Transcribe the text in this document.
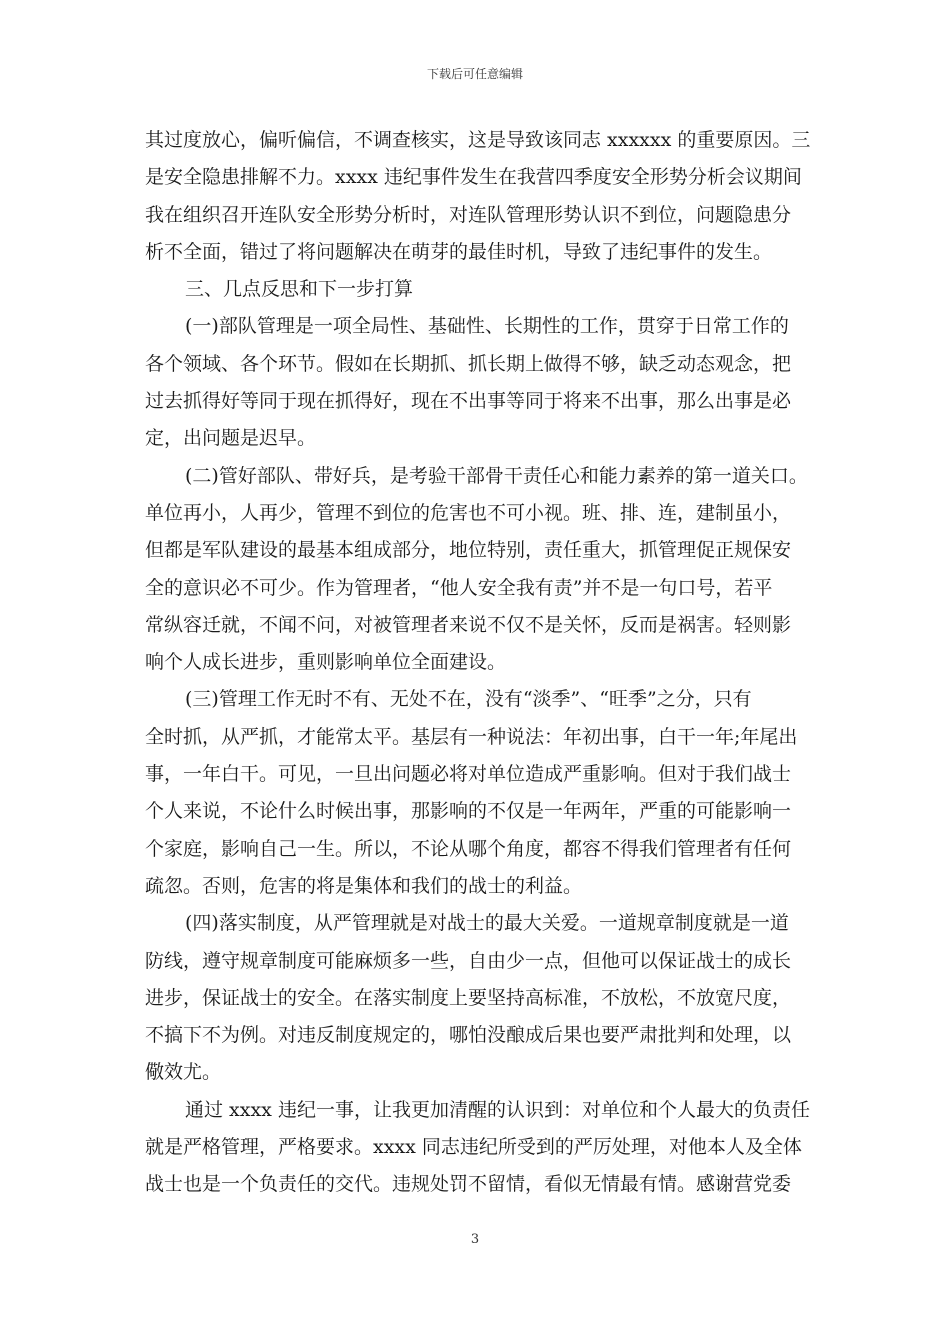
下载后可任意编辑
其过度放心，偏听偏信，不调查核实，这是导致该同志 xxxxxx 的重要原因。三
是安全隐患排解不力。xxxx 违纪事件发生在我营四季度安全形势分析会议期间
我在组织召开连队安全形势分析时，对连队管理形势认识不到位，问题隐患分
析不全面，错过了将问题解决在萌芽的最佳时机，导致了违纪事件的发生。
三、几点反思和下一步打算
(一)部队管理是一项全局性、基础性、长期性的工作，贯穿于日常工作的
各个领域、各个环节。假如在长期抓、抓长期上做得不够，缺乏动态观念，把
过去抓得好等同于现在抓得好，现在不出事等同于将来不出事，那么出事是必
定，出问题是迟早。
(二)管好部队、带好兵，是考验干部骨干责任心和能力素养的第一道关口。
单位再小，人再少，管理不到位的危害也不可小视。班、排、连，建制虽小，
但都是军队建设的最基本组成部分，地位特别，责任重大，抓管理促正规保安
全的意识必不可少。作为管理者，“他人安全我有责”并不是一句口号，若平
常纵容迁就，不闻不问，对被管理者来说不仅不是关怀，反而是祸害。轻则影
响个人成长进步，重则影响单位全面建设。
(三)管理工作无时不有、无处不在，没有“淡季”、“旺季”之分，只有
全时抓，从严抓，才能常太平。基层有一种说法：年初出事，白干一年;年尾出
事，一年白干。可见，一旦出问题必将对单位造成严重影响。但对于我们战士
个人来说，不论什么时候出事，那影响的不仅是一年两年，严重的可能影响一
个家庭，影响自己一生。所以，不论从哪个角度，都容不得我们管理者有任何
疏忽。否则，危害的将是集体和我们的战士的利益。
(四)落实制度，从严管理就是对战士的最大关爱。一道规章制度就是一道
防线，遵守规章制度可能麻烦多一些，自由少一点，但他可以保证战士的成长
进步，保证战士的安全。在落实制度上要坚持高标准，不放松，不放宽尺度，
不搞下不为例。对违反制度规定的，哪怕没酿成后果也要严肃批判和处理，以
儆效尤。
通过 xxxx 违纪一事，让我更加清醒的认识到：对单位和个人最大的负责任
就是严格管理，严格要求。xxxx 同志违纪所受到的严厉处理，对他本人及全体
战士也是一个负责任的交代。违规处罚不留情，看似无情最有情。感谢营党委
3
